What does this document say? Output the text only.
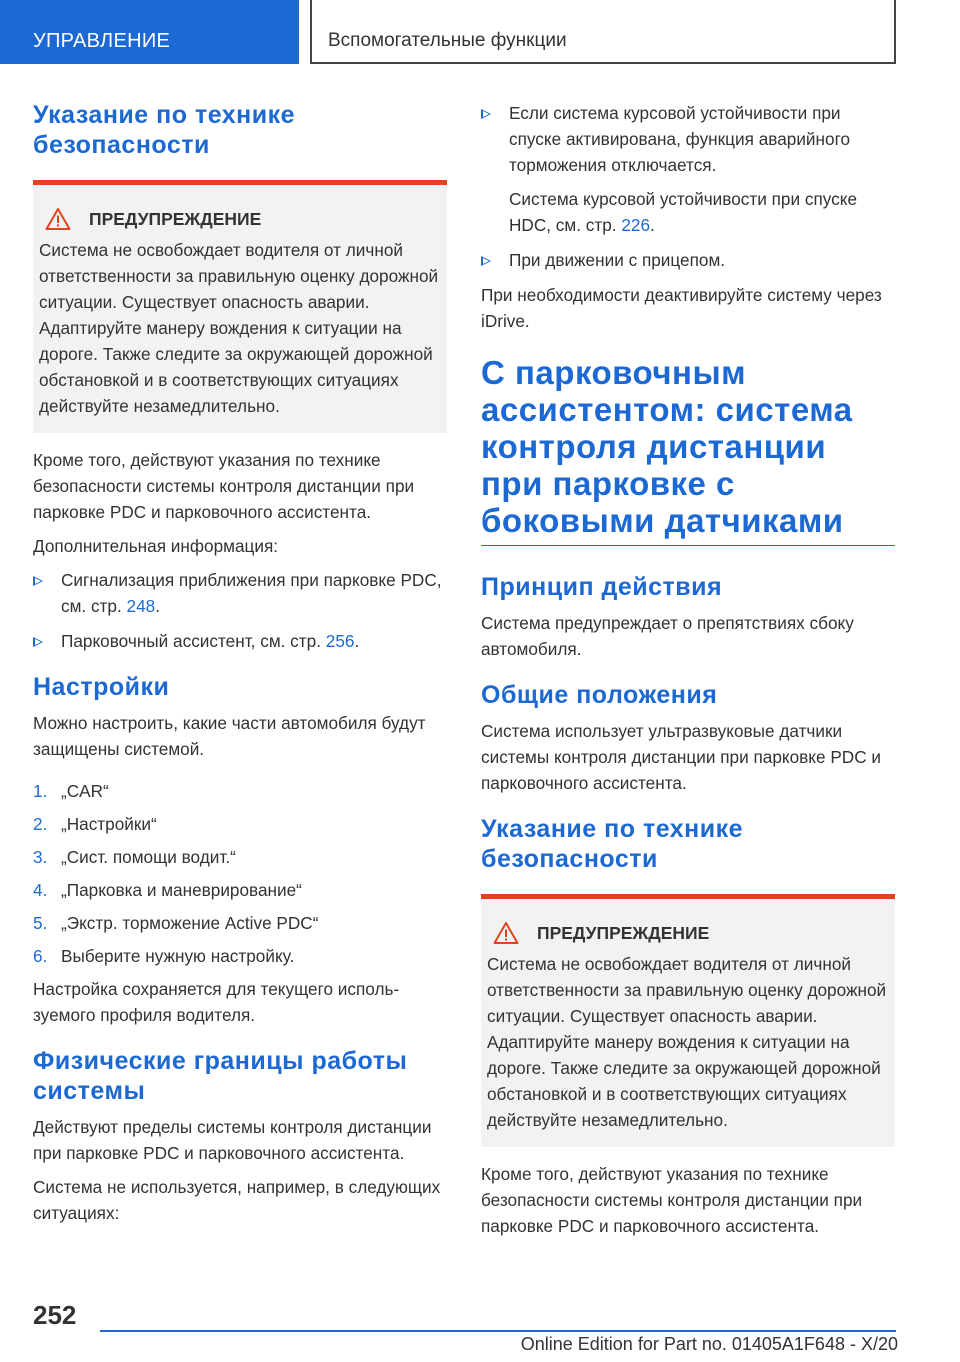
УПРАВЛЕНИЕ	Вспомогательные функции
Указание по технике безопасности
ПРЕДУПРЕЖДЕНИЕ

Система не освобождает водителя от личной ответственности за правильную оценку дорожной ситуации. Существует опасность аварии. Адаптируйте манеру вождения к ситуации на дороге. Также следите за окружающей дорожной обстановкой и в соответствующих ситуациях действуйте незамедлительно.

Кроме того, действуют указания по технике безопасности системы контроля дистанции при парковке PDC и парковочного ассистента.

Дополнительная информация:

Сигнализация приближения при парковке PDC, см. стр. 248.
Парковочный ассистент, см. стр. 256.
Настройки

Можно настроить, какие части автомобиля будут защищены системой.

1. „CAR“
2. „Настройки“
3. „Сист. помощи водит.“
4. „Парковка и маневрирование“
5. „Экстр. торможение Active PDC“
6. Выберите нужную настройку.

Настройка сохраняется для текущего используемого профиля водителя.

Физические границы работы системы

Действуют пределы системы контроля дистанции при парковке PDC и парковочного ассистента.

Система не используется, например, в следующих ситуациях:

Если система курсовой устойчивости при спуске активирована, функция аварийного торможения отключается.
Система курсовой устойчивости при спуске HDC, см. стр. 226.
При движении с прицепом.

При необходимости деактивируйте систему через iDrive.

С парковочным ассистентом: система контроля дистанции при парковке с боковыми датчиками
Принцип действия

Система предупреждает о препятствиях сбоку автомобиля.

Общие положения

Система использует ультразвуковые датчики системы контроля дистанции при парковке PDC и парковочного ассистента.

Указание по технике безопасности
ПРЕДУПРЕЖДЕНИЕ

Система не освобождает водителя от личной ответственности за правильную оценку дорожной ситуации. Существует опасность аварии. Адаптируйте манеру вождения к ситуации на дороге. Также следите за окружающей дорожной обстановкой и в соответствующих ситуациях действуйте незамедлительно.

Кроме того, действуют указания по технике безопасности системы контроля дистанции при парковке PDC и парковочного ассистента.

252
Online Edition for Part no. 01405A1F648 - X/20
